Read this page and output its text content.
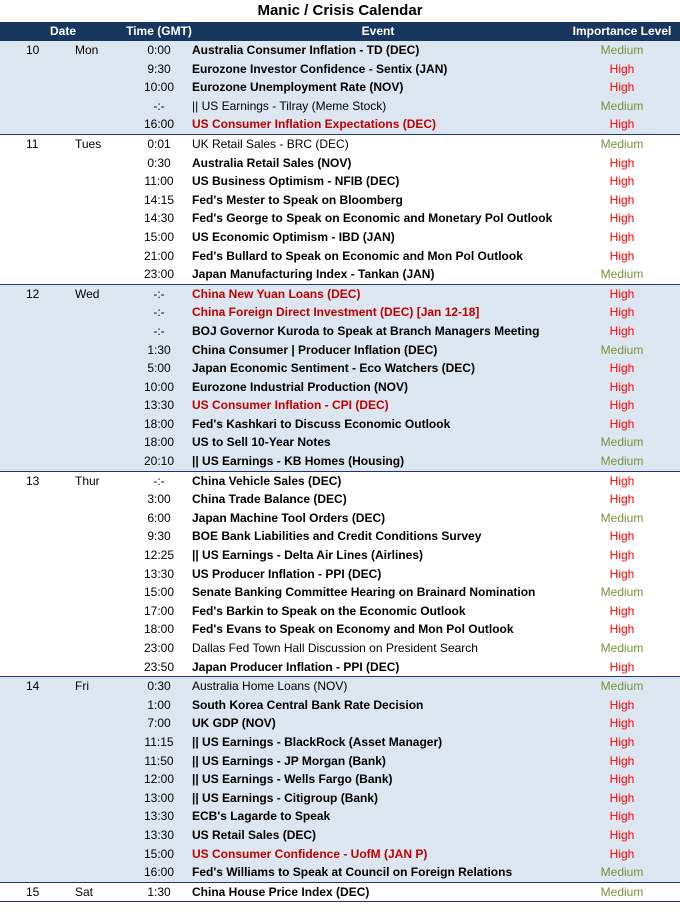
Manic / Crisis Calendar
Date	Time (GMT)	Event	Importance Level
10	Mon	0:00	Australia Consumer Inflation - TD (DEC)	Medium
9:30	Eurozone Investor Confidence - Sentix (JAN)	High
10:00	Eurozone Unemployment Rate (NOV)	High
-:-	|| US Earnings - Tilray (Meme Stock)	Medium
16:00	US Consumer Inflation Expectations (DEC)	High
11	Tues	0:01	UK Retail Sales - BRC (DEC)	Medium
0:30	Australia Retail Sales (NOV)	High
11:00	US Business Optimism - NFIB (DEC)	High
14:15	Fed's Mester to Speak on Bloomberg	High
14:30	Fed's George to Speak on Economic and Monetary Pol Outlook	High
15:00	US Economic Optimism - IBD (JAN)	High
21:00	Fed's Bullard to Speak on Economic and Mon Pol Outlook	High
23:00	Japan Manufacturing Index - Tankan (JAN)	Medium
12	Wed	-:-	China New Yuan Loans (DEC)	High
-:-	China Foreign Direct Investment (DEC) [Jan 12-18]	High
-:-	BOJ Governor Kuroda to Speak at Branch Managers Meeting	High
1:30	China Consumer | Producer Inflation (DEC)	Medium
5:00	Japan Economic Sentiment - Eco Watchers (DEC)	High
10:00	Eurozone Industrial Production (NOV)	High
13:30	US Consumer Inflation - CPI (DEC)	High
18:00	Fed's Kashkari to Discuss Economic Outlook	High
18:00	US to Sell 10-Year Notes	Medium
20:10	|| US Earnings - KB Homes (Housing)	Medium
13	Thur	-:-	China Vehicle Sales (DEC)	High
3:00	China Trade Balance (DEC)	High
6:00	Japan Machine Tool Orders (DEC)	Medium
9:30	BOE Bank Liabilities and Credit Conditions Survey	High
12:25	|| US Earnings - Delta Air Lines (Airlines)	High
13:30	US Producer Inflation - PPI (DEC)	High
15:00	Senate Banking Committee Hearing on Brainard Nomination	Medium
17:00	Fed's Barkin to Speak on the Economic Outlook	High
18:00	Fed's Evans to Speak on Economy and Mon Pol Outlook	High
23:00	Dallas Fed Town Hall Discussion on President Search	Medium
23:50	Japan Producer Inflation - PPI (DEC)	High
14	Fri	0:30	Australia Home Loans (NOV)	Medium
1:00	South Korea Central Bank Rate Decision	High
7:00	UK GDP (NOV)	High
11:15	|| US Earnings - BlackRock (Asset Manager)	High
11:50	|| US Earnings - JP Morgan (Bank)	High
12:00	|| US Earnings - Wells Fargo (Bank)	High
13:00	|| US Earnings - Citigroup (Bank)	High
13:30	ECB's Lagarde to Speak	High
13:30	US Retail Sales (DEC)	High
15:00	US Consumer Confidence - UofM (JAN P)	High
16:00	Fed's Williams to Speak at Council on Foreign Relations	Medium
15	Sat	1:30	China House Price Index (DEC)	Medium
